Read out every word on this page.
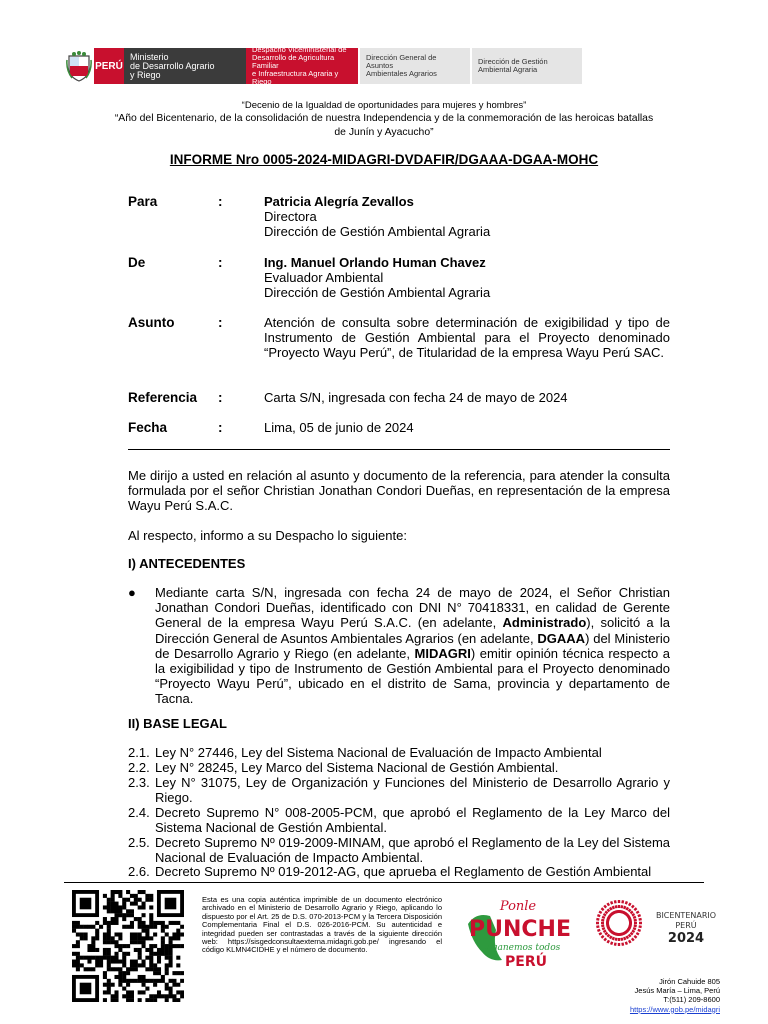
PERÚ
Ministerio
de Desarrollo Agrario
y Riego
Despacho Viceministerial de
Desarrollo de Agricultura Familiar
e Infraestructura Agraria y Riego
Dirección General de Asuntos
Ambientales Agrarios
Dirección de Gestión
Ambiental Agraria
“Decenio de la Igualdad de oportunidades para mujeres y hombres”
“Año del Bicentenario, de la consolidación de nuestra Independencia y de la conmemoración de las heroicas batallas
de Junín y Ayacucho”
INFORME Nro 0005-2024-MIDAGRI-DVDAFIR/DGAAA-DGAA-MOHC
Para	:	Patricia Alegría Zevallos
Directora
Dirección de Gestión Ambiental Agraria
De	:	Ing. Manuel Orlando Human Chavez
Evaluador Ambiental
Dirección de Gestión Ambiental Agraria
Asunto	:	Atención de consulta sobre determinación de exigibilidad y tipo de Instrumento de Gestión Ambiental para el Proyecto denominado “Proyecto Wayu Perú”, de Titularidad de la empresa Wayu Perú SAC.
Referencia :	Carta S/N, ingresada con fecha 24 de mayo de 2024
Fecha	:	Lima, 05 de junio de 2024
Me dirijo a usted en relación al asunto y documento de la referencia, para atender la consulta formulada por el señor Christian Jonathan Condori Dueñas, en representación de la empresa Wayu Perú S.A.C.
Al respecto, informo a su Despacho lo siguiente:
I) ANTECEDENTES
● Mediante carta S/N, ingresada con fecha 24 de mayo de 2024, el Señor Christian Jonathan Condori Dueñas, identificado con DNI N° 70418331, en calidad de Gerente General de la empresa Wayu Perú S.A.C. (en adelante, Administrado), solicitó a la Dirección General de Asuntos Ambientales Agrarios (en adelante, DGAAA) del Ministerio de Desarrollo Agrario y Riego (en adelante, MIDAGRI) emitir opinión técnica respecto a la exigibilidad y tipo de Instrumento de Gestión Ambiental para el Proyecto denominado “Proyecto Wayu Perú”, ubicado en el distrito de Sama, provincia y departamento de Tacna.
II) BASE LEGAL
2.1. Ley N° 27446, Ley del Sistema Nacional de Evaluación de Impacto Ambiental
2.2. Ley N° 28245, Ley Marco del Sistema Nacional de Gestión Ambiental.
2.3. Ley N° 31075, Ley de Organización y Funciones del Ministerio de Desarrollo Agrario y Riego.
2.4. Decreto Supremo N° 008-2005-PCM, que aprobó el Reglamento de la Ley Marco del Sistema Nacional de Gestión Ambiental.
2.5. Decreto Supremo Nº 019-2009-MINAM, que aprobó el Reglamento de la Ley del Sistema Nacional de Evaluación de Impacto Ambiental.
2.6. Decreto Supremo Nº 019-2012-AG, que aprueba el Reglamento de Gestión Ambiental
Esta es una copia auténtica imprimible de un documento electrónico archivado en el Ministerio de Desarrollo Agrario y Riego, aplicando lo dispuesto por el Art. 25 de D.S. 070-2013-PCM y la Tercera Disposición Complementaria Final el D.S. 026-2016-PCM. Su autenticidad e integridad pueden ser contrastadas a través de la siguiente dirección web: https://sisgedconsultaexterna.midagri.gob.pe/ ingresando el código KLMN4CIDHE y el número de documento.
Ponle
PUNCHE
y ganemos todos
PERÚ
BICENTENARIO
PERÚ
2024
Jirón Cahuide 805
Jesús María – Lima, Perú
T:(511) 209-8600
https://www.gob.pe/midagri
